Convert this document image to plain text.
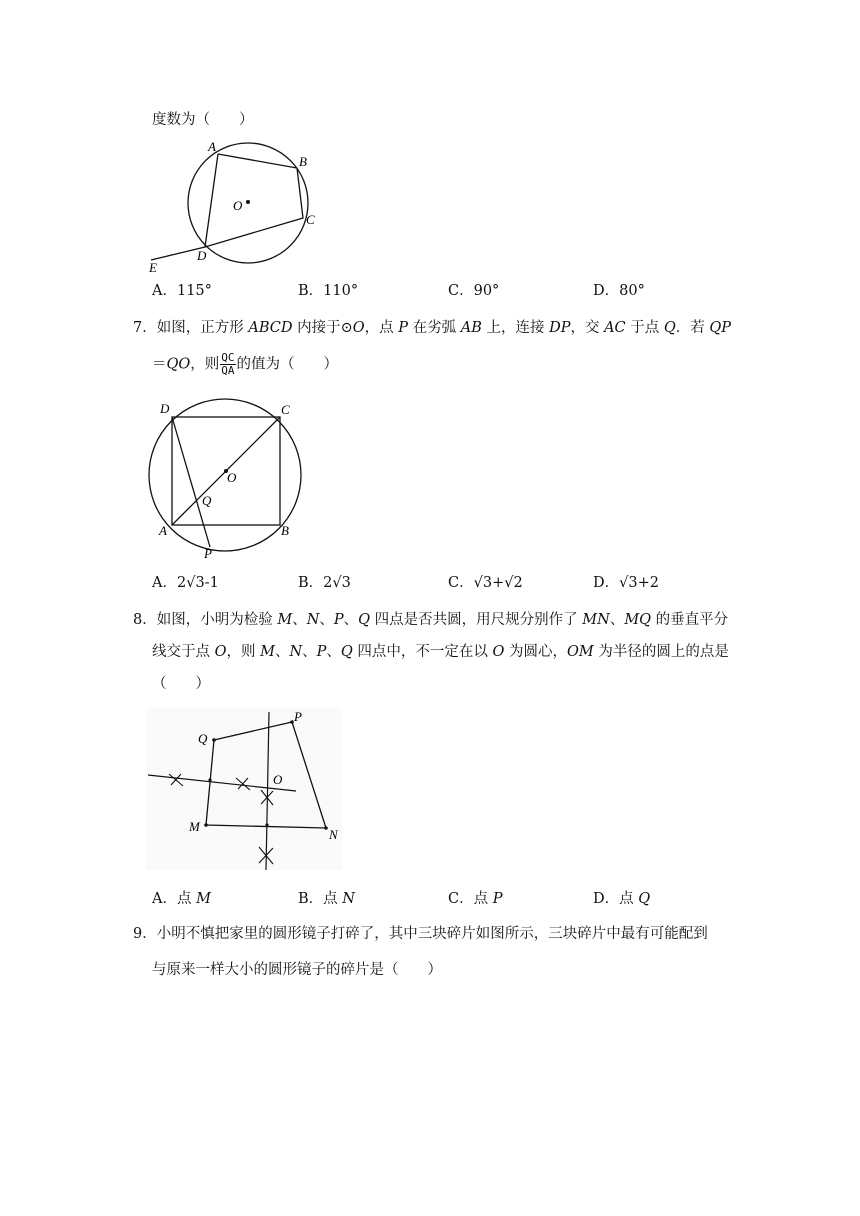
度数为（　　）
A
B
C
D
E
O
A．115°	B．110°	C．90°	D．80°
7．如图，正方形 ABCD 内接于⊙O，点 P 在劣弧 AB 上，连接 DP，交 AC 于点 Q．若 QP
＝QO，则 $\frac{QC}{QA}$ 的值为（　　）
D	C
O
Q
A	B
P
A．2√3-1	B．2√3	C．√3+√2	D．√3+2
8．如图，小明为检验 M、N、P、Q 四点是否共圆，用尺规分别作了 MN、MQ 的垂直平分
线交于点 O，则 M、N、P、Q 四点中，不一定在以 O 为圆心，OM 为半径的圆上的点是
（　　）
Q
P
O
M
N
A．点 M	B．点 N	C．点 P	D．点 Q
9．小明不慎把家里的圆形镜子打碎了，其中三块碎片如图所示，三块碎片中最有可能配到
与原来一样大小的圆形镜子的碎片是（　　）
